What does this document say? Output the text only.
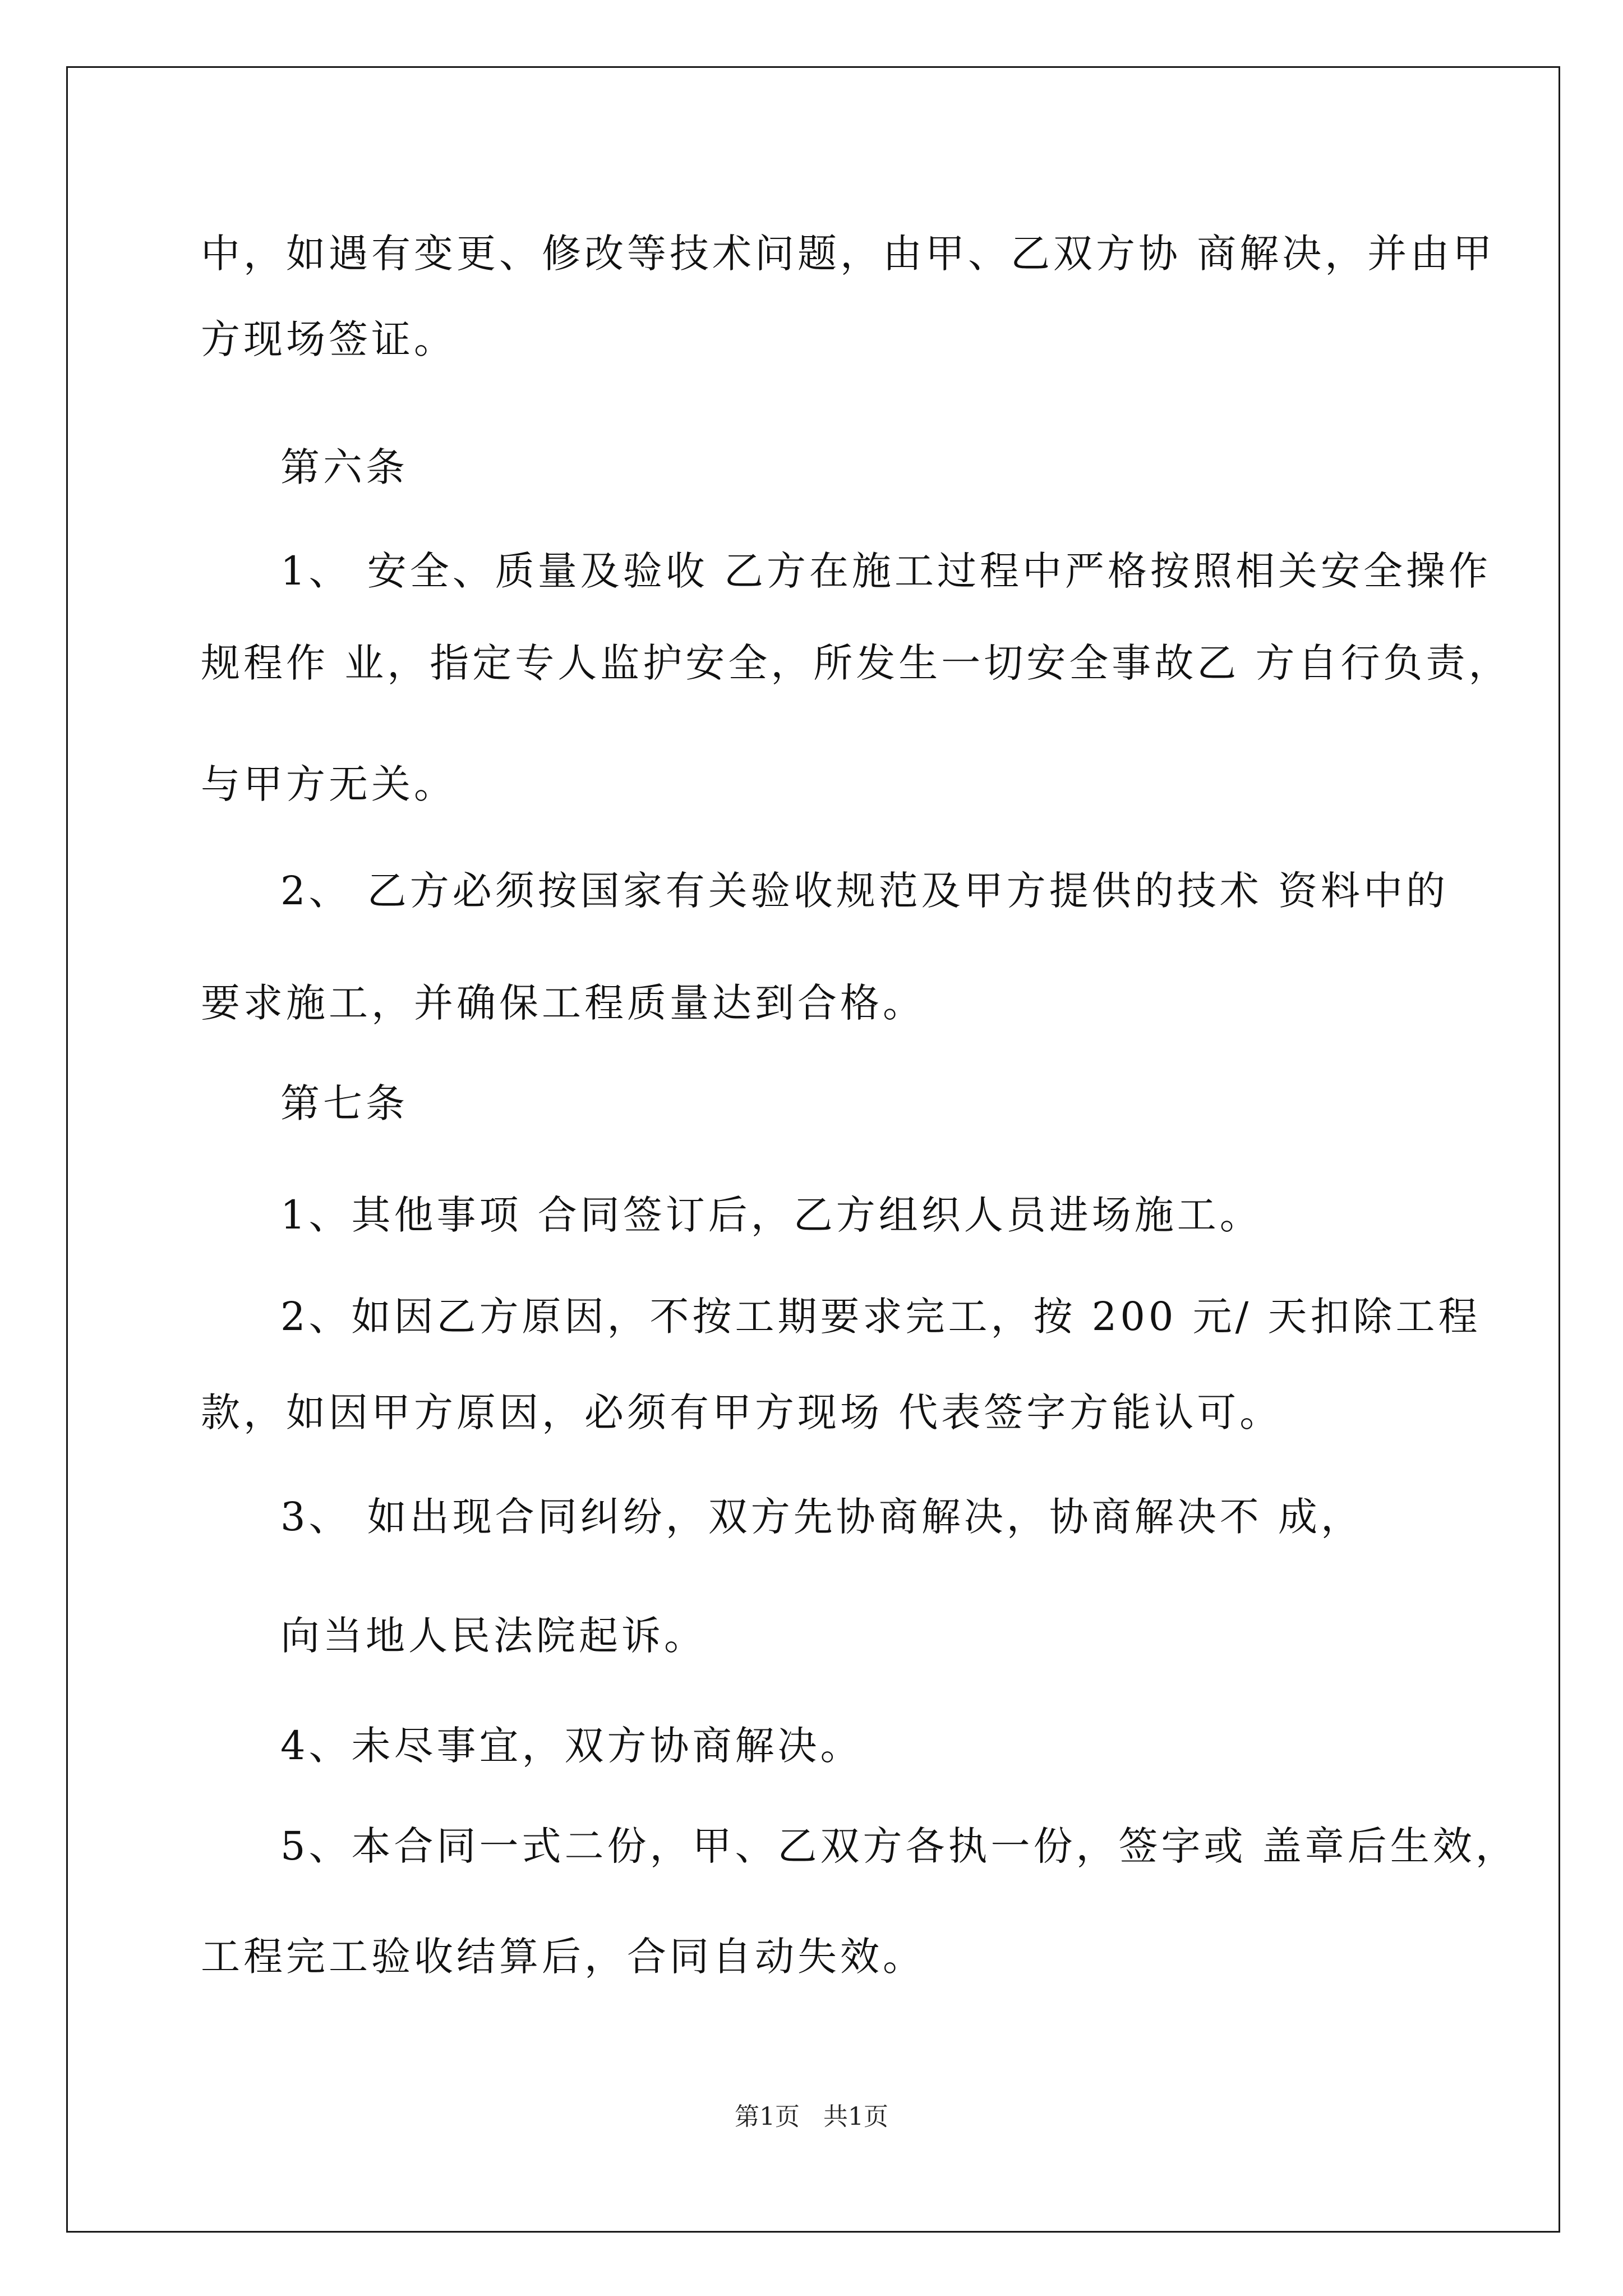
中，如遇有变更、修改等技术问题，由甲、乙双方协 商解决，并由甲
方现场签证。
第六条
1、 安全、质量及验收 乙方在施工过程中严格按照相关安全操作
规程作 业，指定专人监护安全，所发生一切安全事故乙 方自行负责，
与甲方无关。
2、 乙方必须按国家有关验收规范及甲方提供的技术 资料中的
要求施工，并确保工程质量达到合格。
第七条
1、其他事项 合同签订后，乙方组织人员进场施工。
2、如因乙方原因，不按工期要求完工，按 200 元/ 天扣除工程
款，如因甲方原因，必须有甲方现场 代表签字方能认可。
3、 如出现合同纠纷，双方先协商解决，协商解决不 成，
向当地人民法院起诉。
4、未尽事宜，双方协商解决。
5、本合同一式二份，甲、乙双方各执一份，签字或 盖章后生效，
工程完工验收结算后，合同自动失效。
第1页   共1页
